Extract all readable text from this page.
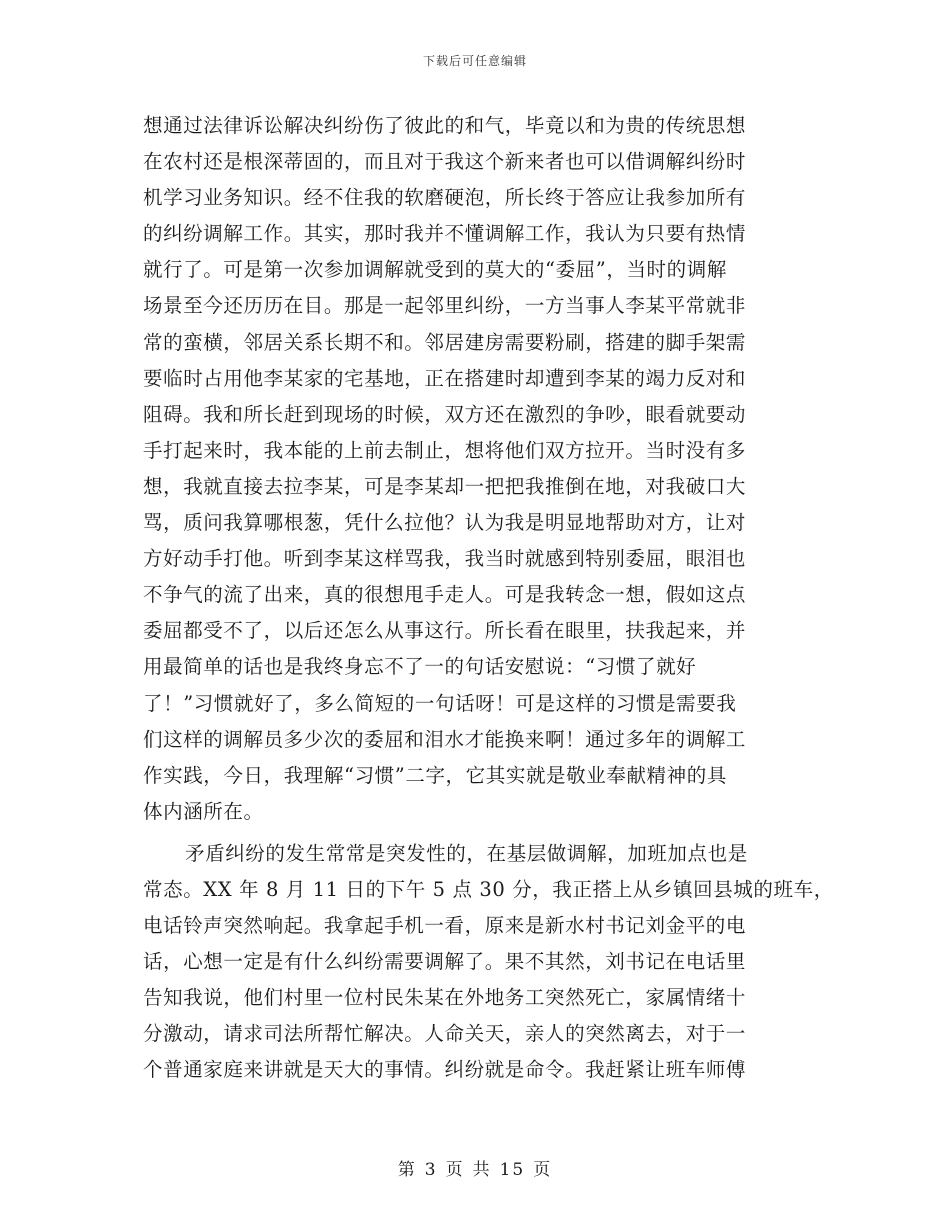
下载后可任意编辑
想通过法律诉讼解决纠纷伤了彼此的和气，毕竟以和为贵的传统思想
在农村还是根深蒂固的，而且对于我这个新来者也可以借调解纠纷时
机学习业务知识。经不住我的软磨硬泡，所长终于答应让我参加所有
的纠纷调解工作。其实，那时我并不懂调解工作，我认为只要有热情
就行了。可是第一次参加调解就受到的莫大的“委屈”，当时的调解
场景至今还历历在目。那是一起邻里纠纷，一方当事人李某平常就非
常的蛮横，邻居关系长期不和。邻居建房需要粉刷，搭建的脚手架需
要临时占用他李某家的宅基地，正在搭建时却遭到李某的竭力反对和
阻碍。我和所长赶到现场的时候，双方还在激烈的争吵，眼看就要动
手打起来时，我本能的上前去制止，想将他们双方拉开。当时没有多
想，我就直接去拉李某，可是李某却一把把我推倒在地，对我破口大
骂，质问我算哪根葱，凭什么拉他？认为我是明显地帮助对方，让对
方好动手打他。听到李某这样骂我，我当时就感到特别委屈，眼泪也
不争气的流了出来，真的很想甩手走人。可是我转念一想，假如这点
委屈都受不了，以后还怎么从事这行。所长看在眼里，扶我起来，并
用最简单的话也是我终身忘不了一的句话安慰说：“习惯了就好
了！”习惯就好了，多么简短的一句话呀！可是这样的习惯是需要我
们这样的调解员多少次的委屈和泪水才能换来啊！通过多年的调解工
作实践，今日，我理解“习惯”二字，它其实就是敬业奉献精神的具
体内涵所在。
矛盾纠纷的发生常常是突发性的，在基层做调解，加班加点也是
常态。XX 年 8 月 11 日的下午 5 点 30 分，我正搭上从乡镇回县城的班车，
电话铃声突然响起。我拿起手机一看，原来是新水村书记刘金平的电
话，心想一定是有什么纠纷需要调解了。果不其然，刘书记在电话里
告知我说，他们村里一位村民朱某在外地务工突然死亡，家属情绪十
分激动，请求司法所帮忙解决。人命关天，亲人的突然离去，对于一
个普通家庭来讲就是天大的事情。纠纷就是命令。我赶紧让班车师傅
第 3 页 共 15 页
